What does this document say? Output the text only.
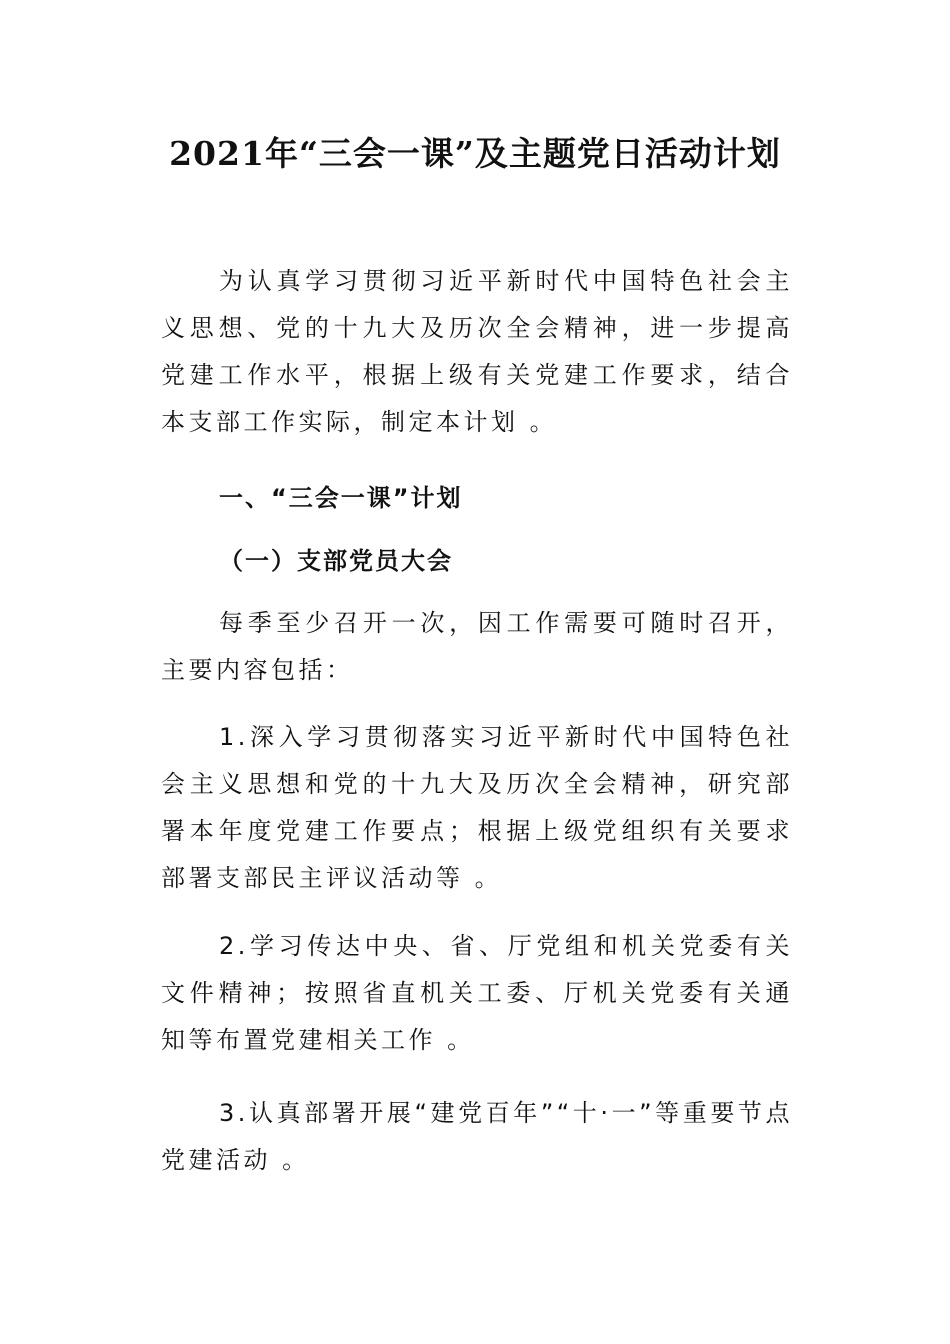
2021年“三会一课”及主题党日活动计划

为认真学习贯彻习近平新时代中国特色社会主义思想、党的十九大及历次全会精神，进一步提高党建工作水平，根据上级有关党建工作要求，结合本支部工作实际，制定本计划 。

一、“三会一课”计划
（一）支部党员大会

每季至少召开一次，因工作需要可随时召开，主要内容包括：

1.深入学习贯彻落实习近平新时代中国特色社会主义思想和党的十九大及历次全会精神，研究部署本年度党建工作要点；根据上级党组织有关要求部署支部民主评议活动等 。

2.学习传达中央、省、厅党组和机关党委有关文件精神；按照省直机关工委、厅机关党委有关通知等布置党建相关工作 。

3.认真部署开展“建党百年”“十·一”等重要节点党建活动 。
